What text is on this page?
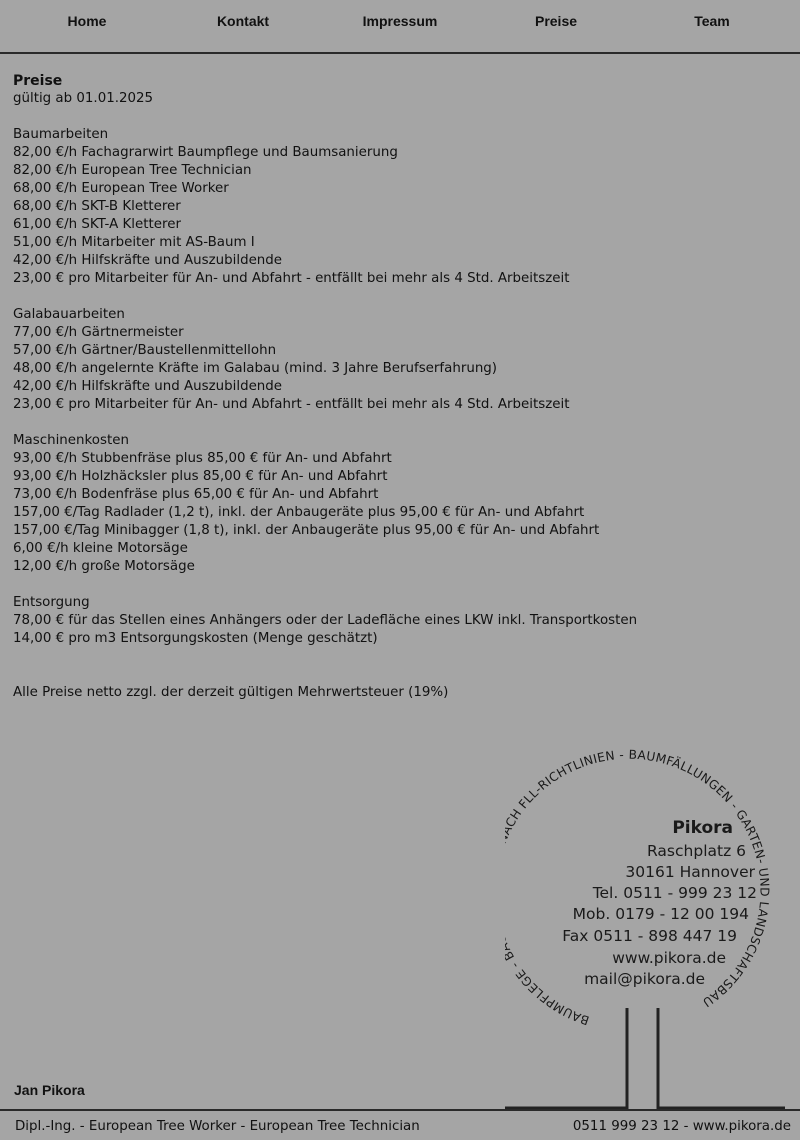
Home	Kontakt	Impressum	Preise	Team
Preise
gültig ab 01.01.2025
Baumarbeiten
82,00 €/h Fachagrarwirt Baumpflege und Baumsanierung
82,00 €/h European Tree Technician
68,00 €/h European Tree Worker
68,00 €/h SKT-B Kletterer
61,00 €/h SKT-A Kletterer
51,00 €/h Mitarbeiter mit AS-Baum I
42,00 €/h Hilfskräfte und Auszubildende
23,00 € pro Mitarbeiter für An- und Abfahrt - entfällt bei mehr als 4 Std. Arbeitszeit
Galabauarbeiten
77,00 €/h Gärtnermeister
57,00 €/h Gärtner/Baustellenmittellohn
48,00 €/h angelernte Kräfte im Galabau (mind. 3 Jahre Berufserfahrung)
42,00 €/h Hilfskräfte und Auszubildende
23,00 € pro Mitarbeiter für An- und Abfahrt - entfällt bei mehr als 4 Std. Arbeitszeit
Maschinenkosten
93,00 €/h Stubbenfräse plus 85,00 € für An- und Abfahrt
93,00 €/h Holzhäcksler plus 85,00 € für An- und Abfahrt
73,00 €/h Bodenfräse plus 65,00 € für An- und Abfahrt
157,00 €/Tag Radlader (1,2 t), inkl. der Anbaugeräte plus 95,00 € für An- und Abfahrt
157,00 €/Tag Minibagger (1,8 t), inkl. der Anbaugeräte plus 95,00 € für An- und Abfahrt
6,00 €/h kleine Motorsäge
12,00 €/h große Motorsäge
Entsorgung
78,00 € für das Stellen eines Anhängers oder der Ladefläche eines LKW inkl. Transportkosten
14,00 € pro m3 Entsorgungskosten (Menge geschätzt)
Alle Preise netto zzgl. der derzeit gültigen Mehrwertsteuer (19%)
BAUMPFLEGE - H FLL-RICHTLINIEN - BAUMFÄLLUNGEN - GARTEN- UND LANDSCHAFTSBAU
Pikora
Raschplatz 6
30161 Hannover
Tel. 0511 - 999 23 12
Mob. 0179 - 12 00 194
Fax 0511 - 898 447 19
www.pikora.de
mail@pikora.de
Jan Pikora
Dipl.-Ing. - European Tree Worker - European Tree Technician	0511 999 23 12 - www.pikora.de
